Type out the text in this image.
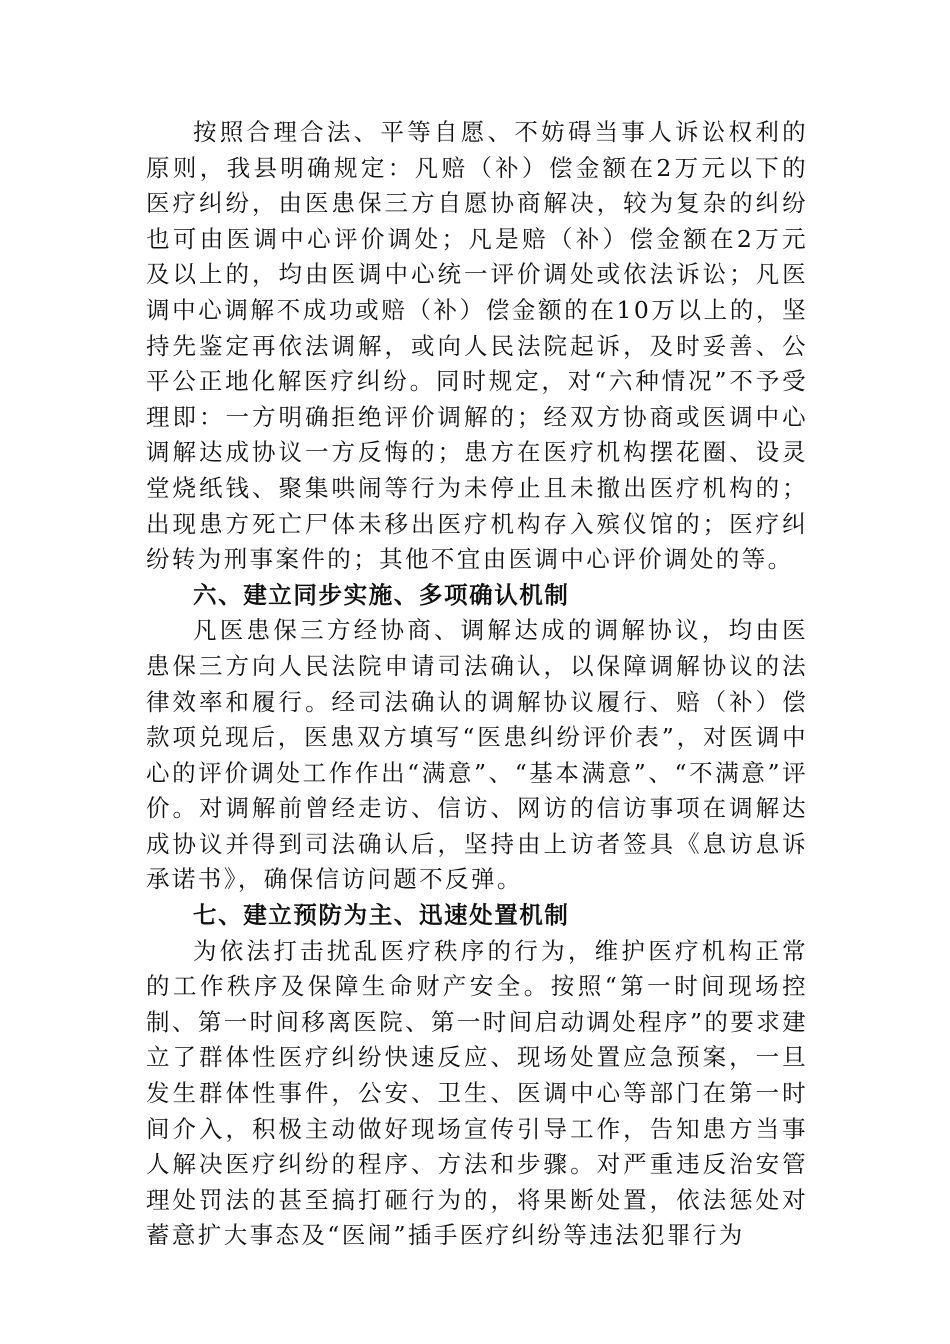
按照合理合法、平等自愿、不妨碍当事人诉讼权利的原则，我县明确规定：凡赔（补）偿金额在2万元以下的医疗纠纷，由医患保三方自愿协商解决，较为复杂的纠纷也可由医调中心评价调处；凡是赔（补）偿金额在2万元及以上的，均由医调中心统一评价调处或依法诉讼；凡医调中心调解不成功或赔（补）偿金额的在10万以上的，坚持先鉴定再依法调解，或向人民法院起诉，及时妥善、公平公正地化解医疗纠纷。同时规定，对“六种情况”不予受理即：一方明确拒绝评价调解的；经双方协商或医调中心调解达成协议一方反悔的；患方在医疗机构摆花圈、设灵堂烧纸钱、聚集哄闹等行为未停止且未撤出医疗机构的；出现患方死亡尸体未移出医疗机构存入殡仪馆的；医疗纠纷转为刑事案件的；其他不宜由医调中心评价调处的等。

六、建立同步实施、多项确认机制

凡医患保三方经协商、调解达成的调解协议，均由医患保三方向人民法院申请司法确认，以保障调解协议的法律效率和履行。经司法确认的调解协议履行、赔（补）偿款项兑现后，医患双方填写“医患纠纷评价表”，对医调中心的评价调处工作作出“满意”、“基本满意”、“不满意”评价。对调解前曾经走访、信访、网访的信访事项在调解达成协议并得到司法确认后，坚持由上访者签具《息访息诉承诺书》，确保信访问题不反弹。

七、建立预防为主、迅速处置机制

为依法打击扰乱医疗秩序的行为，维护医疗机构正常的工作秩序及保障生命财产安全。按照“第一时间现场控制、第一时间移离医院、第一时间启动调处程序”的要求建立了群体性医疗纠纷快速反应、现场处置应急预案，一旦发生群体性事件，公安、卫生、医调中心等部门在第一时间介入，积极主动做好现场宣传引导工作，告知患方当事人解决医疗纠纷的程序、方法和步骤。对严重违反治安管理处罚法的甚至搞打砸行为的，将果断处置，依法惩处对蓄意扩大事态及“医闹”插手医疗纠纷等违法犯罪行为
